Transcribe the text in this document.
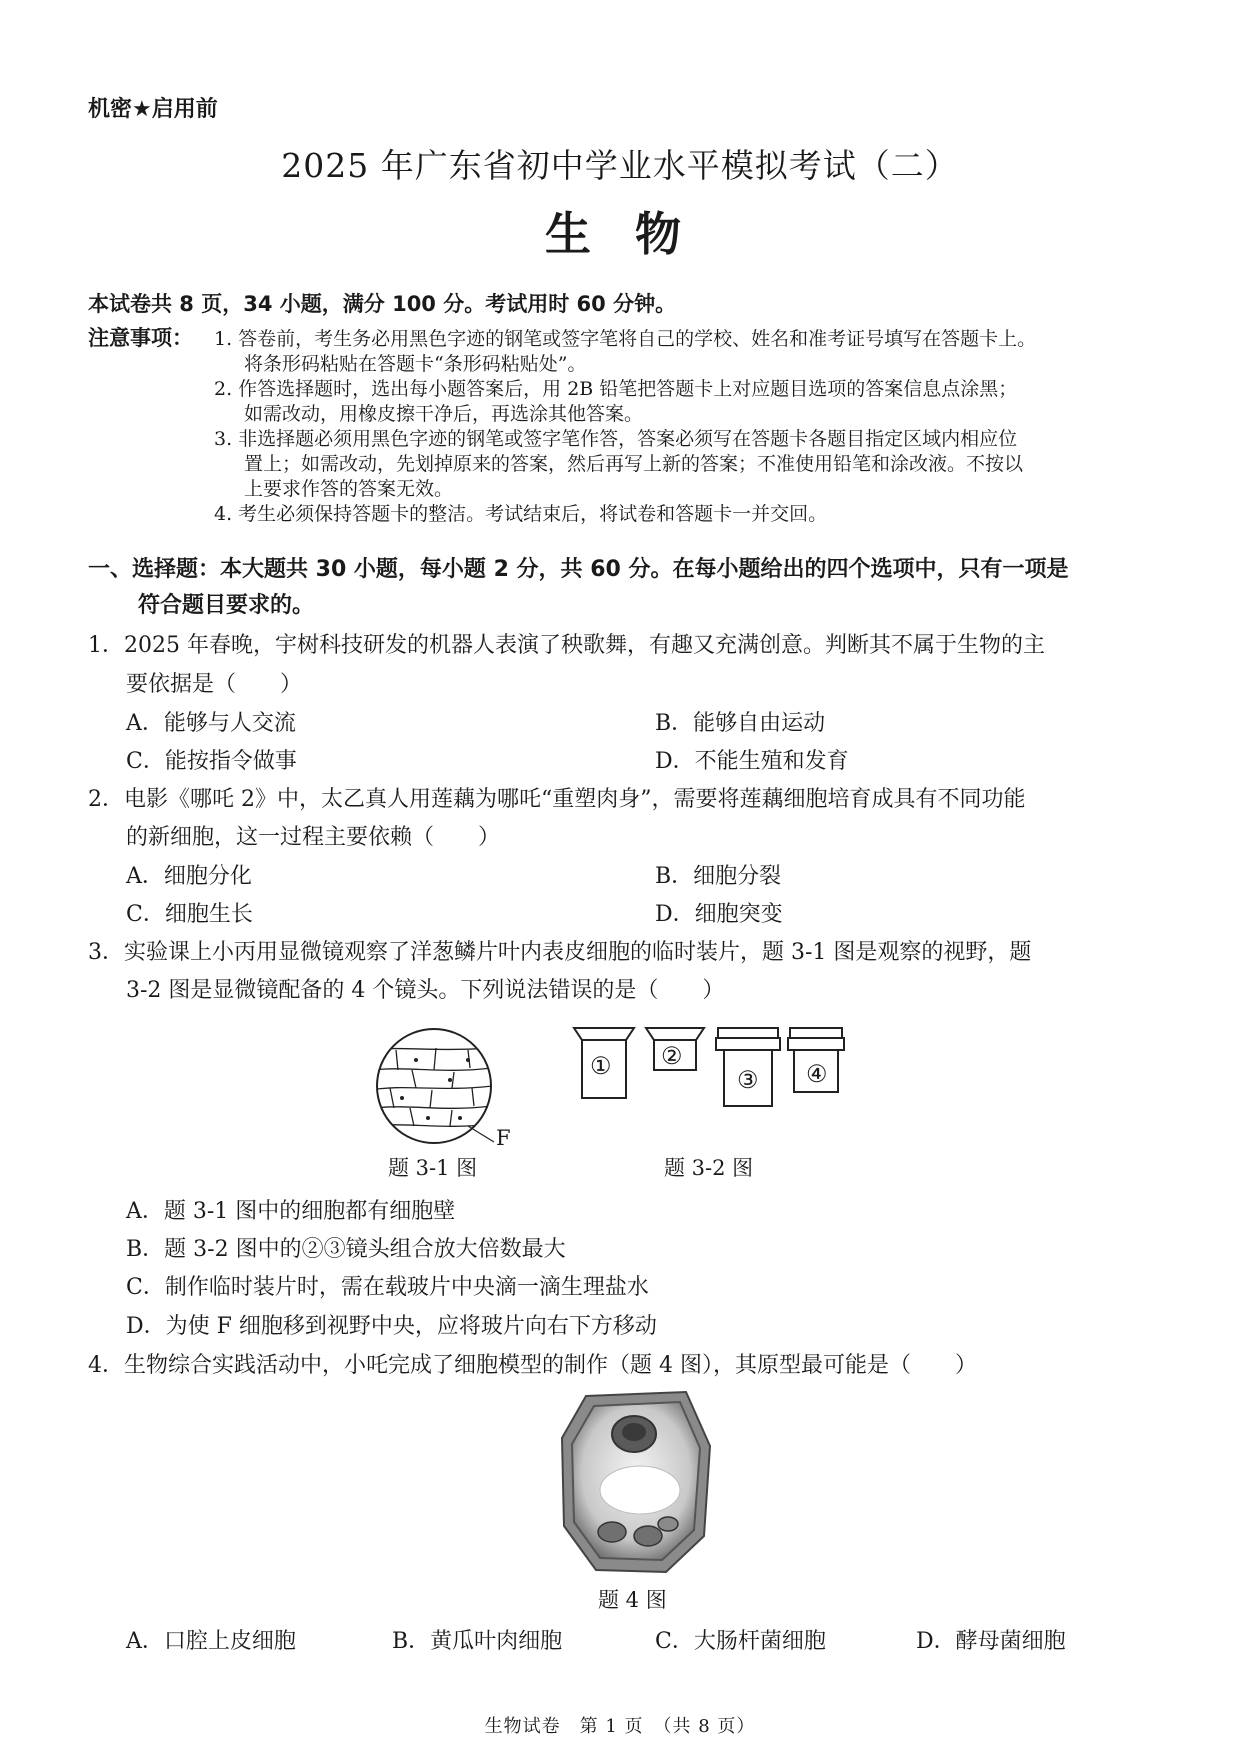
机密★启用前
2025 年广东省初中学业水平模拟考试（二）
生 物
本试卷共 8 页，34 小题，满分 100 分。考试用时 60 分钟。
注意事项： 1. 答卷前，考生务必用黑色字迹的钢笔或签字笔将自己的学校、姓名和准考证号填写在答题卡上。
将条形码粘贴在答题卡“条形码粘贴处”。
2. 作答选择题时，选出每小题答案后，用 2B 铅笔把答题卡上对应题目选项的答案信息点涂黑；
如需改动，用橡皮擦干净后，再选涂其他答案。
3. 非选择题必须用黑色字迹的钢笔或签字笔作答，答案必须写在答题卡各题目指定区域内相应位
置上；如需改动，先划掉原来的答案，然后再写上新的答案；不准使用铅笔和涂改液。不按以
上要求作答的答案无效。
4. 考生必须保持答题卡的整洁。考试结束后，将试卷和答题卡一并交回。
一、选择题：本大题共 30 小题，每小题 2 分，共 60 分。在每小题给出的四个选项中，只有一项是
符合题目要求的。
1．2025 年春晚，宇树科技研发的机器人表演了秧歌舞，有趣又充满创意。判断其不属于生物的主
要依据是（　　）
A．能够与人交流	B．能够自由运动
C．能按指令做事	D．不能生殖和发育
2．电影《哪吒 2》中，太乙真人用莲藕为哪吒“重塑肉身”，需要将莲藕细胞培育成具有不同功能
的新细胞，这一过程主要依赖（　　）
A．细胞分化	B．细胞分裂
C．细胞生长	D．细胞突变
3．实验课上小丙用显微镜观察了洋葱鳞片叶内表皮细胞的临时装片，题 3-1 图是观察的视野，题
3-2 图是显微镜配备的 4 个镜头。下列说法错误的是（　　）
F
题 3-1 图
① ②
③ ④
题 3-2 图
A．题 3-1 图中的细胞都有细胞壁
B．题 3-2 图中的②③镜头组合放大倍数最大
C．制作临时装片时，需在载玻片中央滴一滴生理盐水
D．为使 F 细胞移到视野中央，应将玻片向右下方移动
4．生物综合实践活动中，小吒完成了细胞模型的制作（题 4 图），其原型最可能是（　　）
题 4 图
A．口腔上皮细胞	B．黄瓜叶肉细胞	C．大肠杆菌细胞	D．酵母菌细胞
生物试卷　第 1 页　（共 8 页）
